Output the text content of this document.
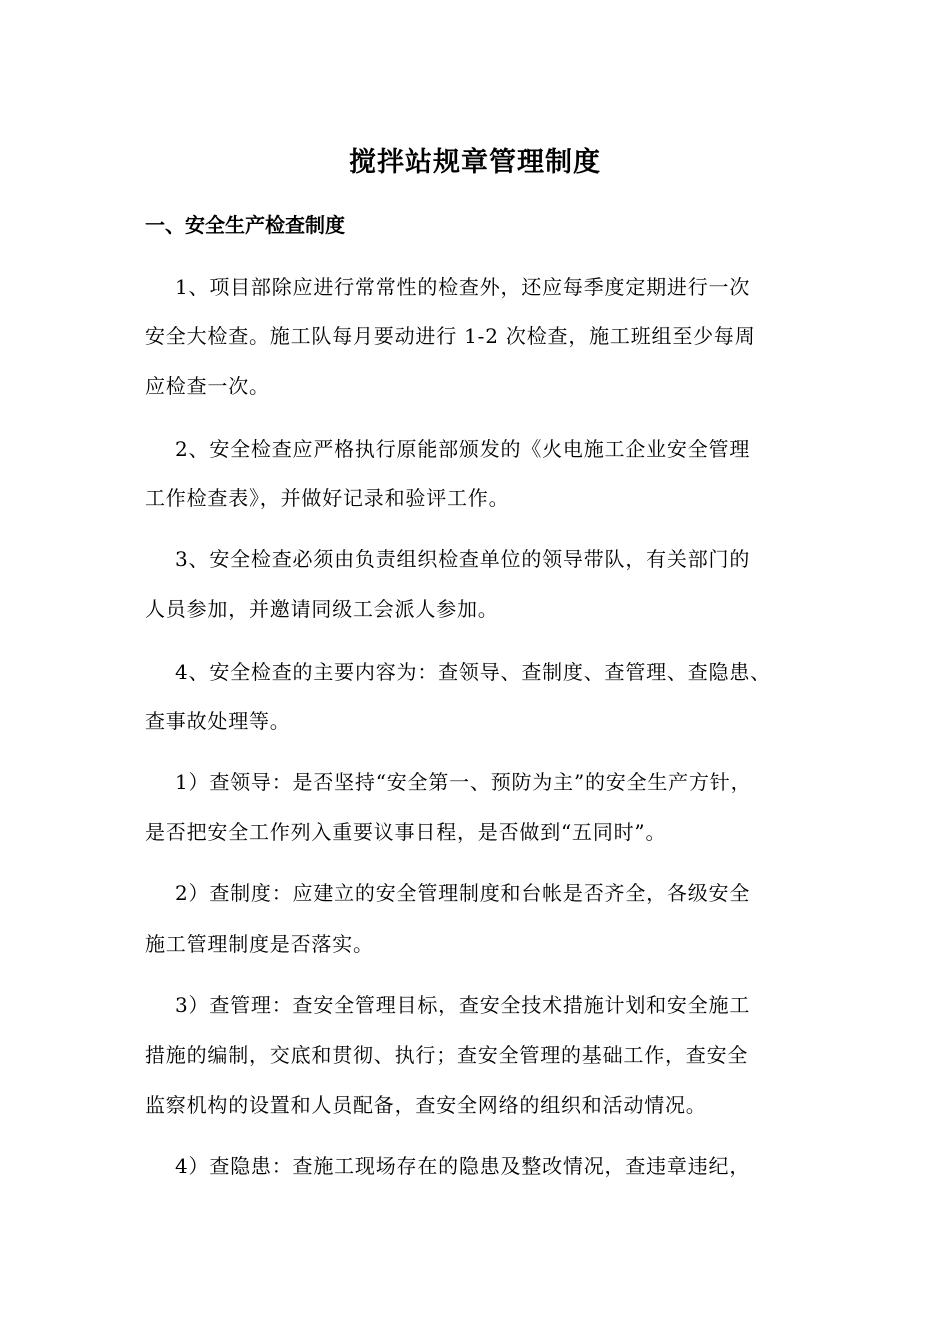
搅拌站规章管理制度
一、安全生产检查制度
1、项目部除应进行常常性的检查外，还应每季度定期进行一次
安全大检查。施工队每月要动进行 1-2 次检查，施工班组至少每周
应检查一次。
2、安全检查应严格执行原能部颁发的《火电施工企业安全管理
工作检查表》，并做好记录和验评工作。
3、安全检查必须由负责组织检查单位的领导带队，有关部门的
人员参加，并邀请同级工会派人参加。
4、安全检查的主要内容为：查领导、查制度、查管理、查隐患、
查事故处理等。
1）查领导：是否坚持“安全第一、预防为主”的安全生产方针，
是否把安全工作列入重要议事日程，是否做到“五同时”。
2）查制度：应建立的安全管理制度和台帐是否齐全，各级安全
施工管理制度是否落实。
3）查管理：查安全管理目标，查安全技术措施计划和安全施工
措施的编制，交底和贯彻、执行；查安全管理的基础工作，查安全
监察机构的设置和人员配备，查安全网络的组织和活动情况。
4）查隐患：查施工现场存在的隐患及整改情况，查违章违纪，
